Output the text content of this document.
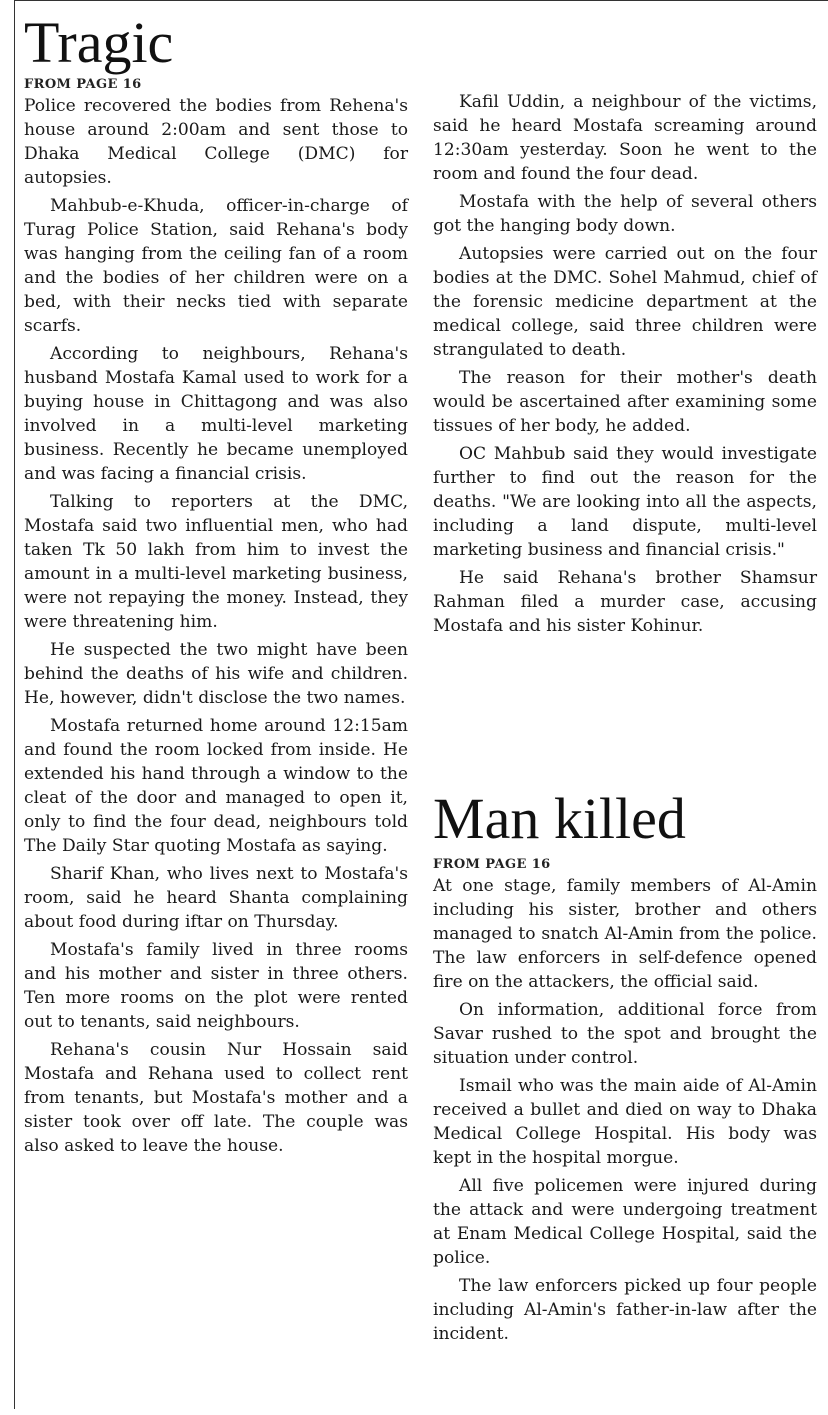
Tragic
FROM PAGE 16

Police recovered the bodies from Rehena's house around 2:00am and sent those to Dhaka Medical College (DMC) for autopsies.

Mahbub-e-Khuda, officer-in-charge of Turag Police Station, said Rehana's body was hanging from the ceiling fan of a room and the bodies of her children were on a bed, with their necks tied with separate scarfs.

According to neighbours, Rehana's husband Mostafa Kamal used to work for a buying house in Chittagong and was also involved in a multi-level marketing business. Recently he became unemployed and was facing a financial crisis.

Talking to reporters at the DMC, Mostafa said two influential men, who had taken Tk 50 lakh from him to invest the amount in a multi-level marketing business, were not repaying the money. Instead, they were threatening him.

He suspected the two might have been behind the deaths of his wife and children. He, however, didn't disclose the two names.

Mostafa returned home around 12:15am and found the room locked from inside. He extended his hand through a window to the cleat of the door and managed to open it, only to find the four dead, neighbours told The Daily Star quoting Mostafa as saying.

Sharif Khan, who lives next to Mostafa's room, said he heard Shanta complaining about food during iftar on Thursday.

Mostafa's family lived in three rooms and his mother and sister in three others. Ten more rooms on the plot were rented out to tenants, said neighbours.

Rehana's cousin Nur Hossain said Mostafa and Rehana used to collect rent from tenants, but Mostafa's mother and a sister took over off late. The couple was also asked to leave the house.

Kafil Uddin, a neighbour of the victims, said he heard Mostafa screaming around 12:30am yesterday. Soon he went to the room and found the four dead.

Mostafa with the help of several others got the hanging body down.

Autopsies were carried out on the four bodies at the DMC. Sohel Mahmud, chief of the forensic medicine department at the medical college, said three children were strangulated to death.

The reason for their mother's death would be ascertained after examining some tissues of her body, he added.

OC Mahbub said they would investigate further to find out the reason for the deaths. "We are looking into all the aspects, including a land dispute, multi-level marketing business and financial crisis."

He said Rehana's brother Shamsur Rahman filed a murder case, accusing Mostafa and his sister Kohinur.

Man killed
FROM PAGE 16

At one stage, family members of Al-Amin including his sister, brother and others managed to snatch Al-Amin from the police. The law enforcers in self-defence opened fire on the attackers, the official said.

On information, additional force from Savar rushed to the spot and brought the situation under control.

Ismail who was the main aide of Al-Amin received a bullet and died on way to Dhaka Medical College Hospital. His body was kept in the hospital morgue.

All five policemen were injured during the attack and were undergoing treatment at Enam Medical College Hospital, said the police.

The law enforcers picked up four people including Al-Amin's father-in-law after the incident.
